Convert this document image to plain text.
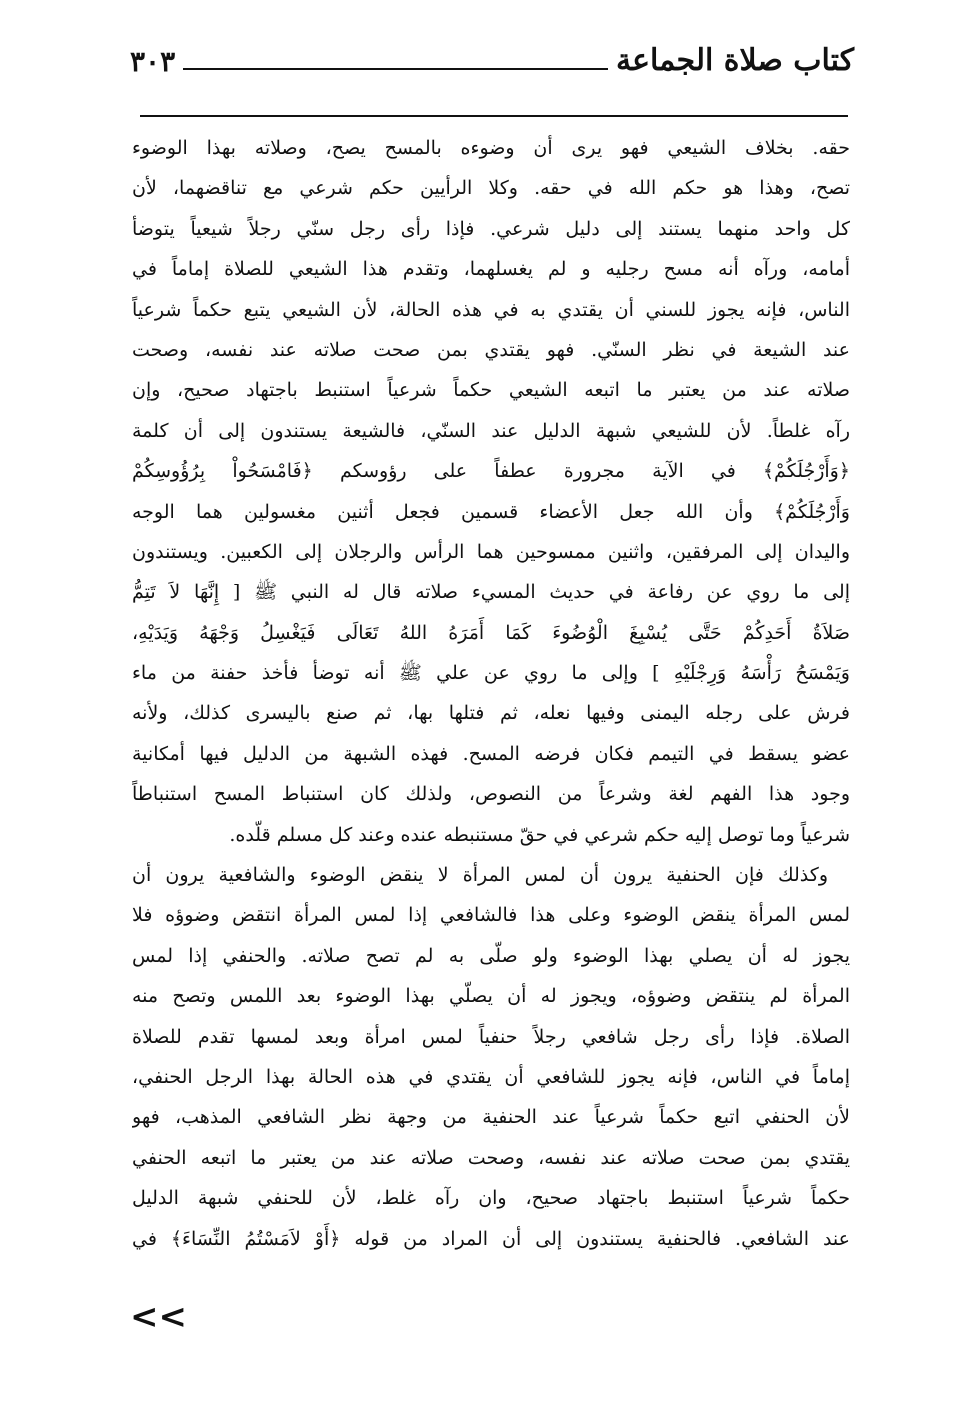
كتاب صلاة الجماعة
٣٠٣
حقه. بخلاف الشيعي فهو يرى أن وضوءه بالمسح يصح، وصلاته بهذا الوضوء
تصح، وهذا هو حكم الله في حقه. وكلا الرأيين حكم شرعي مع تناقضهما، لأن
كل واحد منهما يستند إلى دليل شرعي. فإذا رأى رجل سنّي رجلاً شيعياً يتوضأ
أمامه، ورآه أنه مسح رجليه و لم يغسلهما، وتقدم هذا الشيعي للصلاة إماماً في
الناس، فإنه يجوز للسني أن يقتدي به في هذه الحالة، لأن الشيعي يتبع حكماً شرعياً
عند الشيعة في نظر السنّي. فهو يقتدي بمن صحت صلاته عند نفسه، وصحت
صلاته عند من يعتبر ما اتبعه الشيعي حكماً شرعياً استنبط باجتهاد صحيح، وإن
رآه غلطاً. لأن للشيعي شبهة الدليل عند السنّي، فالشيعة يستندون إلى أن كلمة
﴿وَأَرْجُلَكُمْ﴾ في الآية مجرورة عطفاً على رؤوسكم ﴿فَامْسَحُواْ بِرُؤُوسِكُمْ
وَأَرْجُلَكُمْ﴾ وأن الله جعل الأعضاء قسمين فجعل أثنين مغسولين هما الوجه
واليدان إلى المرفقين، واثنين ممسوحين هما الرأس والرجلان إلى الكعبين. ويستندون
إلى ما روي عن رفاعة في حديث المسيء صلاته قال له النبي ﷺ [ إِنَّهَا لاَ تَتِمُّ
صَلاَةُ أَحَدِكُمْ حَتَّى يُسْبِغَ الْوُضُوءَ كَمَا أَمَرَهُ اللهُ تَعَالَى فَيَغْسِلُ وَجْهَهُ وَيَدَيْهِ،
وَيَمْسَحُ رَأْسَهُ وَرِجْلَيْهِ ] وإلى ما روي عن علي ﷺ أنه توضأ فأخذ حفنة من ماء
فرش على رجله اليمنى وفيها نعله، ثم فتلها بها، ثم صنع باليسرى كذلك، ولأنه
عضو يسقط في التيمم فكان فرضه المسح. فهذه الشبهة من الدليل فيها أمكانية
وجود هذا الفهم لغة وشرعاً من النصوص، ولذلك كان استنباط المسح استنباطاً
شرعياً وما توصل إليه حكم شرعي في حقّ مستنبطه عنده وعند كل مسلم قلّده.
وكذلك فإن الحنفية يرون أن لمس المرأة لا ينقض الوضوء والشافعية يرون أن
لمس المرأة ينقض الوضوء وعلى هذا فالشافعي إذا لمس المرأة انتقض وضوؤه فلا
يجوز له أن يصلي بهذا الوضوء ولو صلّى به لم تصح صلاته. والحنفي إذا لمس
المرأة لم ينتقض وضوؤه، ويجوز له أن يصلّي بهذا الوضوء بعد اللمس وتصح منه
الصلاة. فإذا رأى رجل شافعي رجلاً حنفياً لمس امرأة وبعد لمسها تقدم للصلاة
إماماً في الناس، فإنه يجوز للشافعي أن يقتدي في هذه الحالة بهذا الرجل الحنفي،
لأن الحنفي اتبع حكماً شرعياً عند الحنفية من وجهة نظر الشافعي المذهب، فهو
يقتدي بمن صحت صلاته عند نفسه، وصحت صلاته عند من يعتبر ما اتبعه الحنفي
حكماً شرعياً استنبط باجتهاد صحيح، وان رآه غلط، لأن للحنفي شبهة الدليل
عند الشافعي. فالحنفية يستندون إلى أن المراد من قوله ﴿أَوْ لاَمَسْتُمُ النِّسَاءَ﴾ في
<<
